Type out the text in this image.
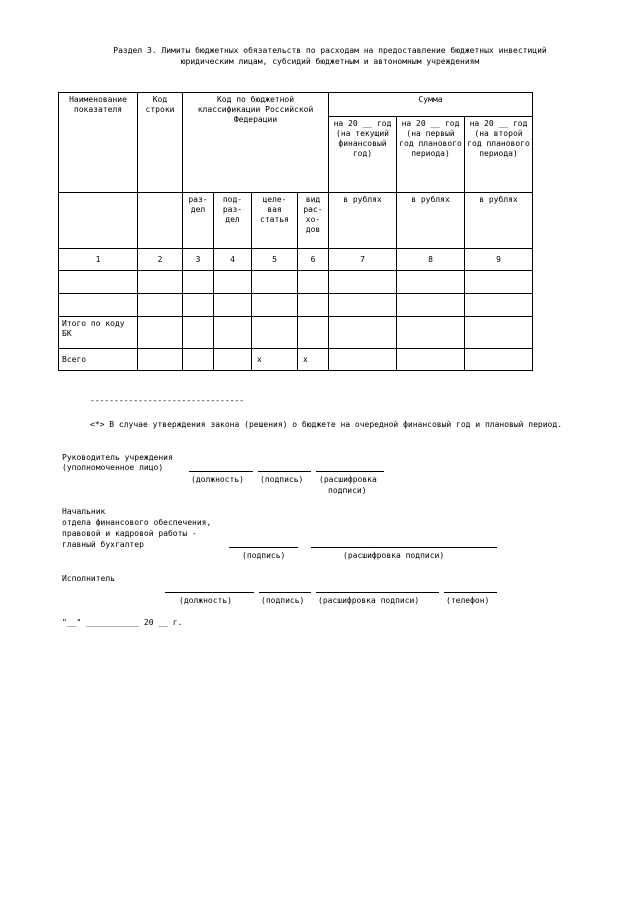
Раздел 3. Лимиты бюджетных обязательств по расходам на предоставление бюджетных инвестиций
юридическим лицам, субсидий бюджетным и автономным учреждениям
Наименование показателя	Код строки	Код по бюджетной классификации Российской Федерации				Сумма		
						на 20 __ год (на текущий финансовый год)	на 20 __ год (на первый год планового периода)	на 20 __ год (на второй год планового периода)
		раз- дел	под- раз- дел	целе- вая статья	вид рас- хо- дов	в рублях	в рублях	в рублях
1	2	3	4	5	6	7	8	9

Итого по коду БК								
Всего				x	x			
--------------------------------
<*> В случае утверждения закона (решения) о бюджете на очередной финансовый год и плановый период.
Руководитель учреждения
(уполномоченное лицо)
(должность) (подпись) (расшифровка
подписи)
Начальник
отдела финансового обеспечения,
правовой и кадровой работы -
главный бухгалтер
(подпись)	(расшифровка подписи)
Исполнитель
(должность)	(подпись) (расшифровка подписи)	(телефон)
"__" ___________ 20 __ г.
